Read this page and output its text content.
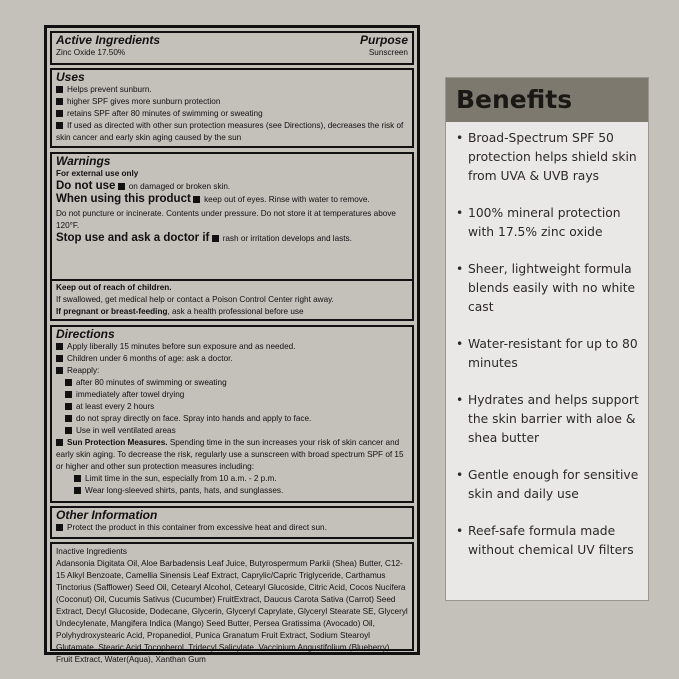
Active Ingredients	Purpose

Zinc Oxide 17.50%	Sunscreen

Uses
Helps prevent sunburn.
higher SPF gives more sunburn protection
retains SPF after 80 minutes of swimming or sweating
If used as directed with other sun protection measures (see Directions), decreases the risk of skin cancer and early skin aging caused by the sun
Warnings

For external use only

Do not use on damaged or broken skin.

When using this product keep out of eyes. Rinse with water to remove.

Do not puncture or incinerate. Contents under pressure. Do not store it at temperatures above 120°F.

Stop use and ask a doctor if rash or irritation develops and lasts.

Keep out of reach of children.

If swallowed, get medical help or contact a Poison Control Center right away.

If pregnant or breast-feeding, ask a health professional before use

Directions
Apply liberally 15 minutes before sun exposure and as needed.
Children under 6 months of age: ask a doctor.
Reapply:
after 80 minutes of swimming or sweating
immediately after towel drying
at least every 2 hours
do not spray directly on face. Spray into hands and apply to face.
Use in well ventilated areas
Sun Protection Measures. Spending time in the sun increases your risk of skin cancer and early skin aging. To decrease the risk, regularly use a sunscreen with broad spectrum SPF of 15 or higher and other sun protection measures including:
Limit time in the sun, especially from 10 a.m. - 2 p.m.
Wear long-sleeved shirts, pants, hats, and sunglasses.
Other Information

Protect the product in this container from excessive heat and direct sun.

Inactive Ingredients

Adansonia Digitata Oil, Aloe Barbadensis Leaf Juice, Butyrospermum Parkii (Shea) Butter, C12-15 Alkyl Benzoate, Camellia Sinensis Leaf Extract, Caprylic/Capric Triglyceride, Carthamus Tinctorius (Safflower) Seed Oil, Cetearyl Alcohol, Cetearyl Glucoside, Citric Acid, Cocos Nucifera (Coconut) Oil, Cucumis Sativus (Cucumber) FruitExtract, Daucus Carota Sativa (Carrot) Seed Extract, Decyl Glucoside, Dodecane, Glycerin, Glyceryl Caprylate, Glyceryl Stearate SE, Glyceryl Undecylenate, Mangifera Indica (Mango) Seed Butter, Persea Gratissima (Avocado) Oil, Polyhydroxystearic Acid, Propanediol, Punica Granatum Fruit Extract, Sodium Stearoyl Glutamate, Stearic Acid,Tocopherol, Tridecyl Salicylate, Vaccinium Angustifolium (Blueberry) Fruit Extract, Water(Aqua), Xanthan Gum

Benefits
• Broad-Spectrum SPF 50 protection helps shield skin from UVA & UVB rays
• 100% mineral protection with 17.5% zinc oxide
• Sheer, lightweight formula blends easily with no white cast
• Water-resistant for up to 80 minutes
• Hydrates and helps support the skin barrier with aloe & shea butter
• Gentle enough for sensitive skin and daily use
• Reef-safe formula made without chemical UV filters
